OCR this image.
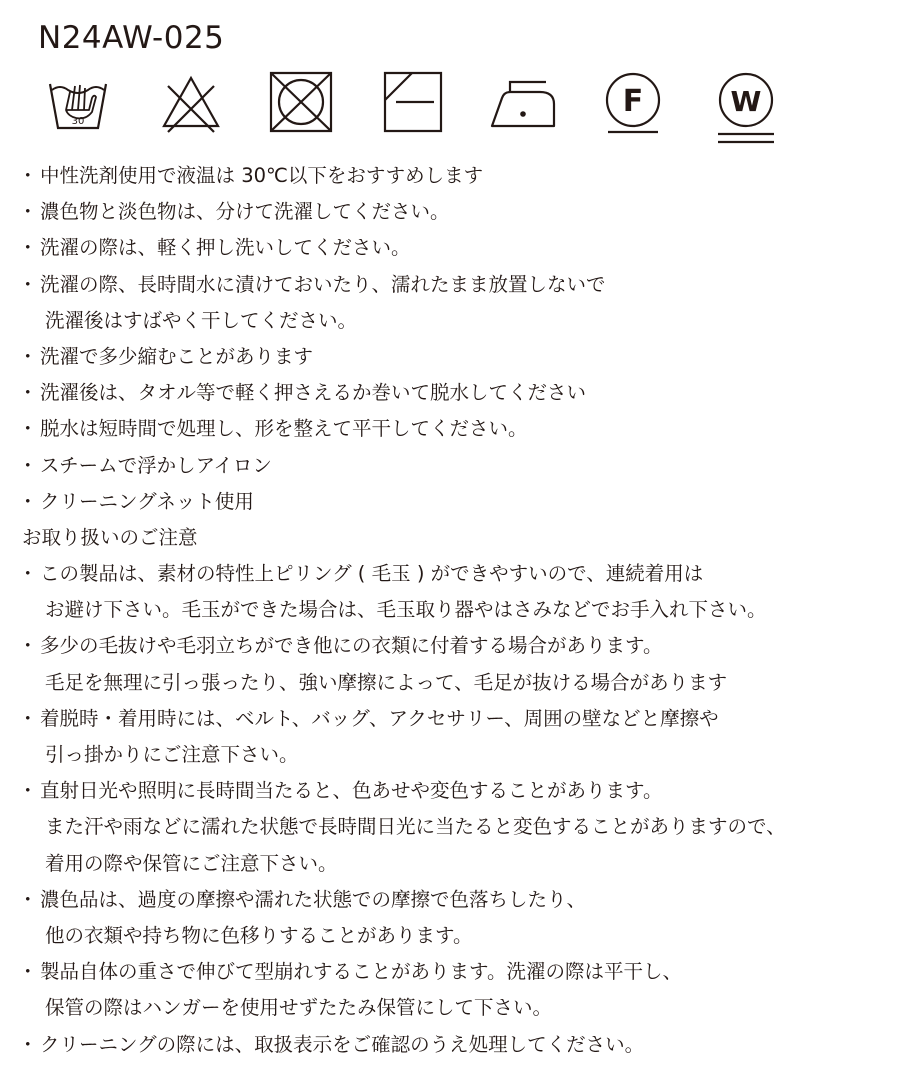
N24AW-025
30
F	W
・ 中性洗剤使用で液温は 30℃以下をおすすめします
・ 濃色物と淡色物は、分けて洗濯してください。
・ 洗濯の際は、軽く押し洗いしてください。
・ 洗濯の際、長時間水に漬けておいたり、濡れたまま放置しないで
洗濯後はすばやく干してください。
・ 洗濯で多少縮むことがあります
・ 洗濯後は、タオル等で軽く押さえるか巻いて脱水してください
・ 脱水は短時間で処理し、形を整えて平干してください。
・ スチームで浮かしアイロン
・ クリーニングネット使用
お取り扱いのご注意
・ この製品は、素材の特性上ピリング ( 毛玉 ) ができやすいので、連続着用は
お避け下さい。毛玉ができた場合は、毛玉取り器やはさみなどでお手入れ下さい。
・ 多少の毛抜けや毛羽立ちができ他にの衣類に付着する場合があります。
毛足を無理に引っ張ったり、強い摩擦によって、毛足が抜ける場合があります
・ 着脱時・着用時には、ベルト、バッグ、アクセサリー、周囲の壁などと摩擦や
引っ掛かりにご注意下さい。
・ 直射日光や照明に長時間当たると、色あせや変色することがあります。
また汗や雨などに濡れた状態で長時間日光に当たると変色することがありますので、
着用の際や保管にご注意下さい。
・ 濃色品は、過度の摩擦や濡れた状態での摩擦で色落ちしたり、
他の衣類や持ち物に色移りすることがあります。
・ 製品自体の重さで伸びて型崩れすることがあります。洗濯の際は平干し、
保管の際はハンガーを使用せずたたみ保管にして下さい。
・ クリーニングの際には、取扱表示をご確認のうえ処理してください。
